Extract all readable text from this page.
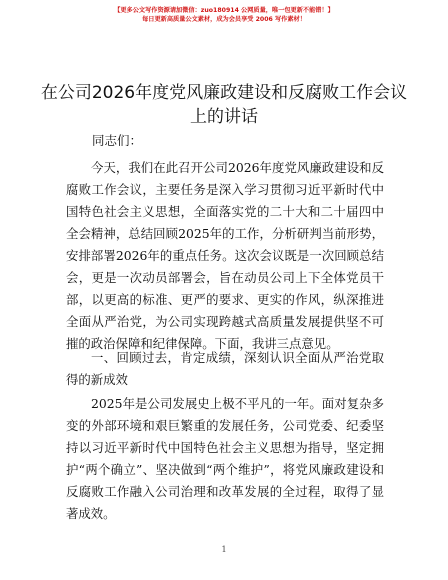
【更多公文写作资源请加微信：zuo180914 公网质量，唯一包更新不能错！】
每日更新高质量公文素材，成为会员享受 2006 写作素材！
在公司2026年度党风廉政建设和反腐败工作会议上的讲话
同志们：

今天，我们在此召开公司2026年度党风廉政建设和反腐败工作会议，主要任务是深入学习贯彻习近平新时代中国特色社会主义思想，全面落实党的二十大和二十届四中全会精神，总结回顾2025年的工作，分析研判当前形势，安排部署2026年的重点任务。这次会议既是一次回顾总结会，更是一次动员部署会，旨在动员公司上下全体党员干部，以更高的标准、更严的要求、更实的作风，纵深推进全面从严治党，为公司实现跨越式高质量发展提供坚不可摧的政治保障和纪律保障。下面，我讲三点意见。

一、回顾过去，肯定成绩，深刻认识全面从严治党取得的新成效

2025年是公司发展史上极不平凡的一年。面对复杂多变的外部环境和艰巨繁重的发展任务，公司党委、纪委坚持以习近平新时代中国特色社会主义思想为指导，坚定拥护“两个确立”、坚决做到“两个维护”，将党风廉政建设和反腐败工作融入公司治理和改革发展的全过程，取得了显著成效。

1
